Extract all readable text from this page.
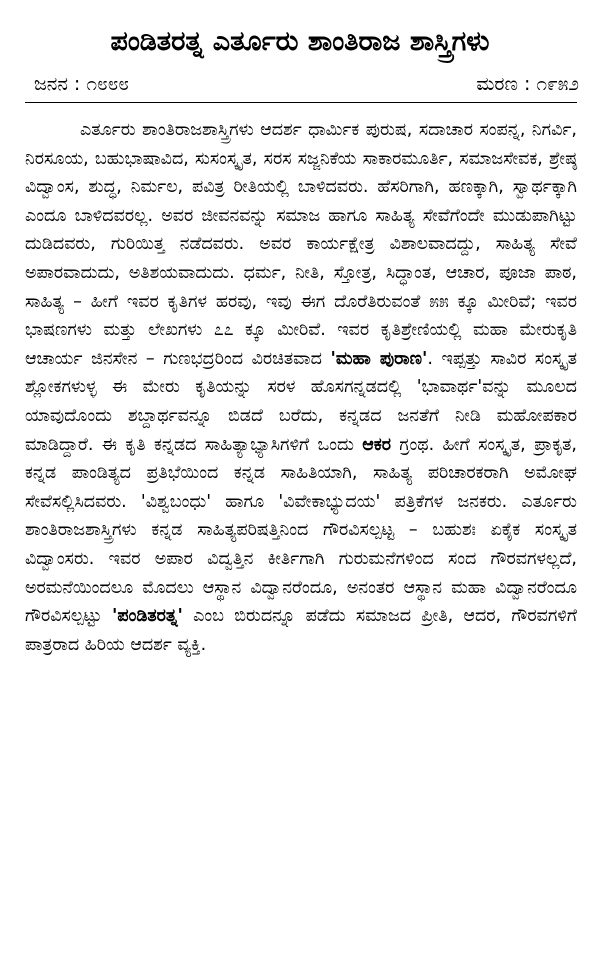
ಪಂಡಿತರತ್ನ ಎರ್ತೂರು ಶಾಂತಿರಾಜ ಶಾಸ್ತ್ರಿಗಳು
ಜನನ : ೧೮೮೮	ಮರಣ : ೧೯೫೨

ಎರ್ತೂರು ಶಾಂತಿರಾಜಶಾಸ್ತ್ರಿಗಳು ಆದರ್ಶ ಧಾರ್ಮಿಕ ಪುರುಷ, ಸದಾಚಾರ ಸಂಪನ್ನ, ನಿಗರ್ವಿ, ನಿರಸೂಯ, ಬಹುಭಾಷಾವಿದ, ಸುಸಂಸ್ಕೃತ, ಸರಸ ಸಜ್ಜನಿಕೆಯ ಸಾಕಾರಮೂರ್ತಿ, ಸಮಾಜಸೇವಕ, ಶ್ರೇಷ್ಠ ವಿದ್ವಾಂಸ, ಶುದ್ಧ, ನಿರ್ಮಲ, ಪವಿತ್ರ ರೀತಿಯಲ್ಲಿ ಬಾಳಿದವರು. ಹೆಸರಿಗಾಗಿ, ಹಣಕ್ಕಾಗಿ, ಸ್ವಾರ್ಥಕ್ಕಾಗಿ ಎಂದೂ ಬಾಳಿದವರಲ್ಲ. ಅವರ ಜೀವನವನ್ನು ಸಮಾಜ ಹಾಗೂ ಸಾಹಿತ್ಯ ಸೇವೆಗೆಂದೇ ಮುಡುಪಾಗಿಟ್ಟು ದುಡಿದವರು, ಗುರಿಯಿತ್ತ ನಡೆದವರು. ಅವರ ಕಾರ್ಯಕ್ಷೇತ್ರ ವಿಶಾಲವಾದದ್ದು, ಸಾಹಿತ್ಯ ಸೇವೆ ಅಪಾರವಾದುದು, ಅತಿಶಯವಾದುದು. ಧರ್ಮ, ನೀತಿ, ಸ್ತೋತ್ರ, ಸಿದ್ಧಾಂತ, ಆಚಾರ, ಪೂಜಾ ಪಾಠ, ಸಾಹಿತ್ಯ – ಹೀಗೆ ಇವರ ಕೃತಿಗಳ ಹರವು, ಇವು ಈಗ ದೊರೆತಿರುವಂತೆ ೫೫ ಕ್ಕೂ ಮೀರಿವೆ; ಇವರ ಭಾಷಣಗಳು ಮತ್ತು ಲೇಖಗಳು ೭೭ ಕ್ಕೂ ಮೀರಿವೆ. ಇವರ ಕೃತಿಶ್ರೇಣಿಯಲ್ಲಿ ಮಹಾ ಮೇರುಕೃತಿ ಆಚಾರ್ಯ ಜಿನಸೇನ – ಗುಣಭದ್ರರಿಂದ ವಿರಚಿತವಾದ 'ಮಹಾ ಪುರಾಣ'. ಇಪ್ಪತ್ತು ಸಾವಿರ ಸಂಸ್ಕೃತ ಶ್ಲೋಕಗಳುಳ್ಳ ಈ ಮೇರು ಕೃತಿಯನ್ನು ಸರಳ ಹೊಸಗನ್ನಡದಲ್ಲಿ 'ಭಾವಾರ್ಥ'ವನ್ನು ಮೂಲದ ಯಾವುದೊಂದು ಶಬ್ದಾರ್ಥವನ್ನೂ ಬಿಡದೆ ಬರೆದು, ಕನ್ನಡದ ಜನತೆಗೆ ನೀಡಿ ಮಹೋಪಕಾರ ಮಾಡಿದ್ದಾರೆ. ಈ ಕೃತಿ ಕನ್ನಡದ ಸಾಹಿತ್ಯಾಭ್ಯಾಸಿಗಳಿಗೆ ಒಂದು ಆಕರ ಗ್ರಂಥ. ಹೀಗೆ ಸಂಸ್ಕೃತ, ಪ್ರಾಕೃತ, ಕನ್ನಡ ಪಾಂಡಿತ್ಯದ ಪ್ರತಿಭೆಯಿಂದ ಕನ್ನಡ ಸಾಹಿತಿಯಾಗಿ, ಸಾಹಿತ್ಯ ಪರಿಚಾರಕರಾಗಿ ಅಮೋಘ ಸೇವೆಸಲ್ಲಿಸಿದವರು. 'ವಿಶ್ವಬಂಧು' ಹಾಗೂ 'ವಿವೇಕಾಭ್ಯುದಯ' ಪತ್ರಿಕೆಗಳ ಜನಕರು. ಎರ್ತೂರು ಶಾಂತಿರಾಜಶಾಸ್ತ್ರಿಗಳು ಕನ್ನಡ ಸಾಹಿತ್ಯಪರಿಷತ್ತಿನಿಂದ ಗೌರವಿಸಲ್ಪಟ್ಟ – ಬಹುಶಃ ಏಕೈಕ ಸಂಸ್ಕೃತ ವಿದ್ವಾಂಸರು. ಇವರ ಅಪಾರ ವಿದ್ವತ್ತಿನ ಕೀರ್ತಿಗಾಗಿ ಗುರುಮನೆಗಳಿಂದ ಸಂದ ಗೌರವಗಳಲ್ಲದೆ, ಅರಮನೆಯಿಂದಲೂ ಮೊದಲು ಆಸ್ಥಾನ ವಿದ್ವಾನರೆಂದೂ, ಅನಂತರ ಆಸ್ಥಾನ ಮಹಾ ವಿದ್ವಾನರೆಂದೂ ಗೌರವಿಸಲ್ಪಟ್ಟು 'ಪಂಡಿತರತ್ನ' ಎಂಬ ಬಿರುದನ್ನೂ ಪಡೆದು ಸಮಾಜದ ಪ್ರೀತಿ, ಆದರ, ಗೌರವಗಳಿಗೆ ಪಾತ್ರರಾದ ಹಿರಿಯ ಆದರ್ಶ ವ್ಯಕ್ತಿ.
